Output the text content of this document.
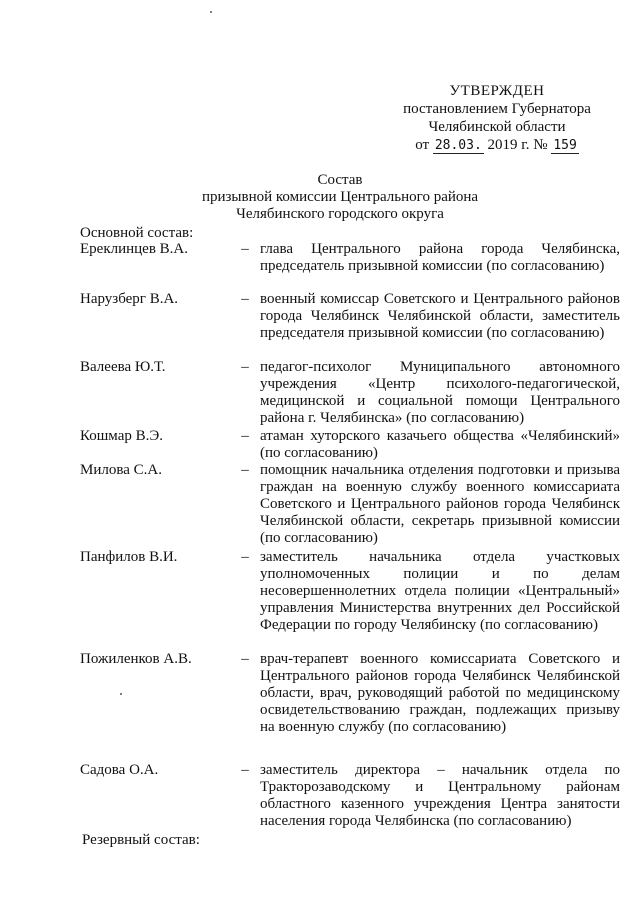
УТВЕРЖДЕН
постановлением Губернатора
Челябинской области
от 28.03. 2019 г. № 159
Состав
призывной комиссии Центрального района
Челябинского городского округа
Основной состав:
Ереклинцев В.А.	– глава Центрального района города Челябинска, председатель призывной комиссии (по согласованию)
Нарузберг В.А.	– военный комиссар Советского и Центрального районов города Челябинск Челябинской области, заместитель председателя призывной комиссии (по согласованию)
Валеева Ю.Т.	– педагог-психолог Муниципального автономного учреждения «Центр психолого-педагогической, медицинской и социальной помощи Центрального района г. Челябинска» (по согласованию)
Кошмар В.Э.	– атаман хуторского казачьего общества «Челябинский» (по согласованию)
Милова С.А.	– помощник начальника отделения подготовки и призыва граждан на военную службу военного комиссариата Советского и Центрального районов города Челябинск Челябинской области, секретарь призывной комиссии (по согласованию)
Панфилов В.И.	– заместитель начальника отдела участковых уполномоченных полиции и по делам несовершеннолетних отдела полиции «Центральный» управления Министерства внутренних дел Российской Федерации по городу Челябинску (по согласованию)
Пожиленков А.В.	– врач-терапевт военного комиссариата Советского и Центрального районов города Челябинск Челябинской области, врач, руководящий работой по медицинскому освидетельствованию граждан, подлежащих призыву на военную службу (по согласованию)
Садова О.А.	– заместитель директора – начальник отдела по Тракторозаводскому и Центральному районам областного казенного учреждения Центра занятости населения города Челябинска (по согласованию)
Резервный состав:
